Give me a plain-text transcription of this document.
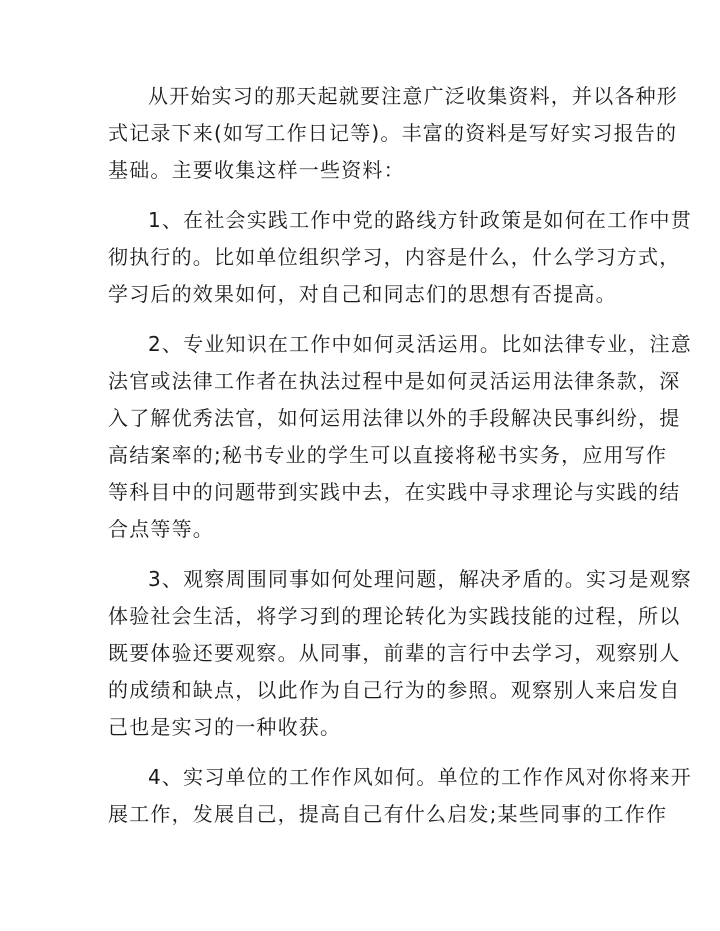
从开始实习的那天起就要注意广泛收集资料，并以各种形
式记录下来(如写工作日记等)。丰富的资料是写好实习报告的
基础。主要收集这样一些资料：

1、在社会实践工作中党的路线方针政策是如何在工作中贯
彻执行的。比如单位组织学习，内容是什么，什么学习方式，
学习后的效果如何，对自己和同志们的思想有否提高。

2、专业知识在工作中如何灵活运用。比如法律专业，注意
法官或法律工作者在执法过程中是如何灵活运用法律条款，深
入了解优秀法官，如何运用法律以外的手段解决民事纠纷，提
高结案率的;秘书专业的学生可以直接将秘书实务，应用写作
等科目中的问题带到实践中去，在实践中寻求理论与实践的结
合点等等。

3、观察周围同事如何处理问题，解决矛盾的。实习是观察
体验社会生活，将学习到的理论转化为实践技能的过程，所以
既要体验还要观察。从同事，前辈的言行中去学习，观察别人
的成绩和缺点，以此作为自己行为的参照。观察别人来启发自
己也是实习的一种收获。

4、实习单位的工作作风如何。单位的工作作风对你将来开
展工作，发展自己，提高自己有什么启发;某些同事的工作作
